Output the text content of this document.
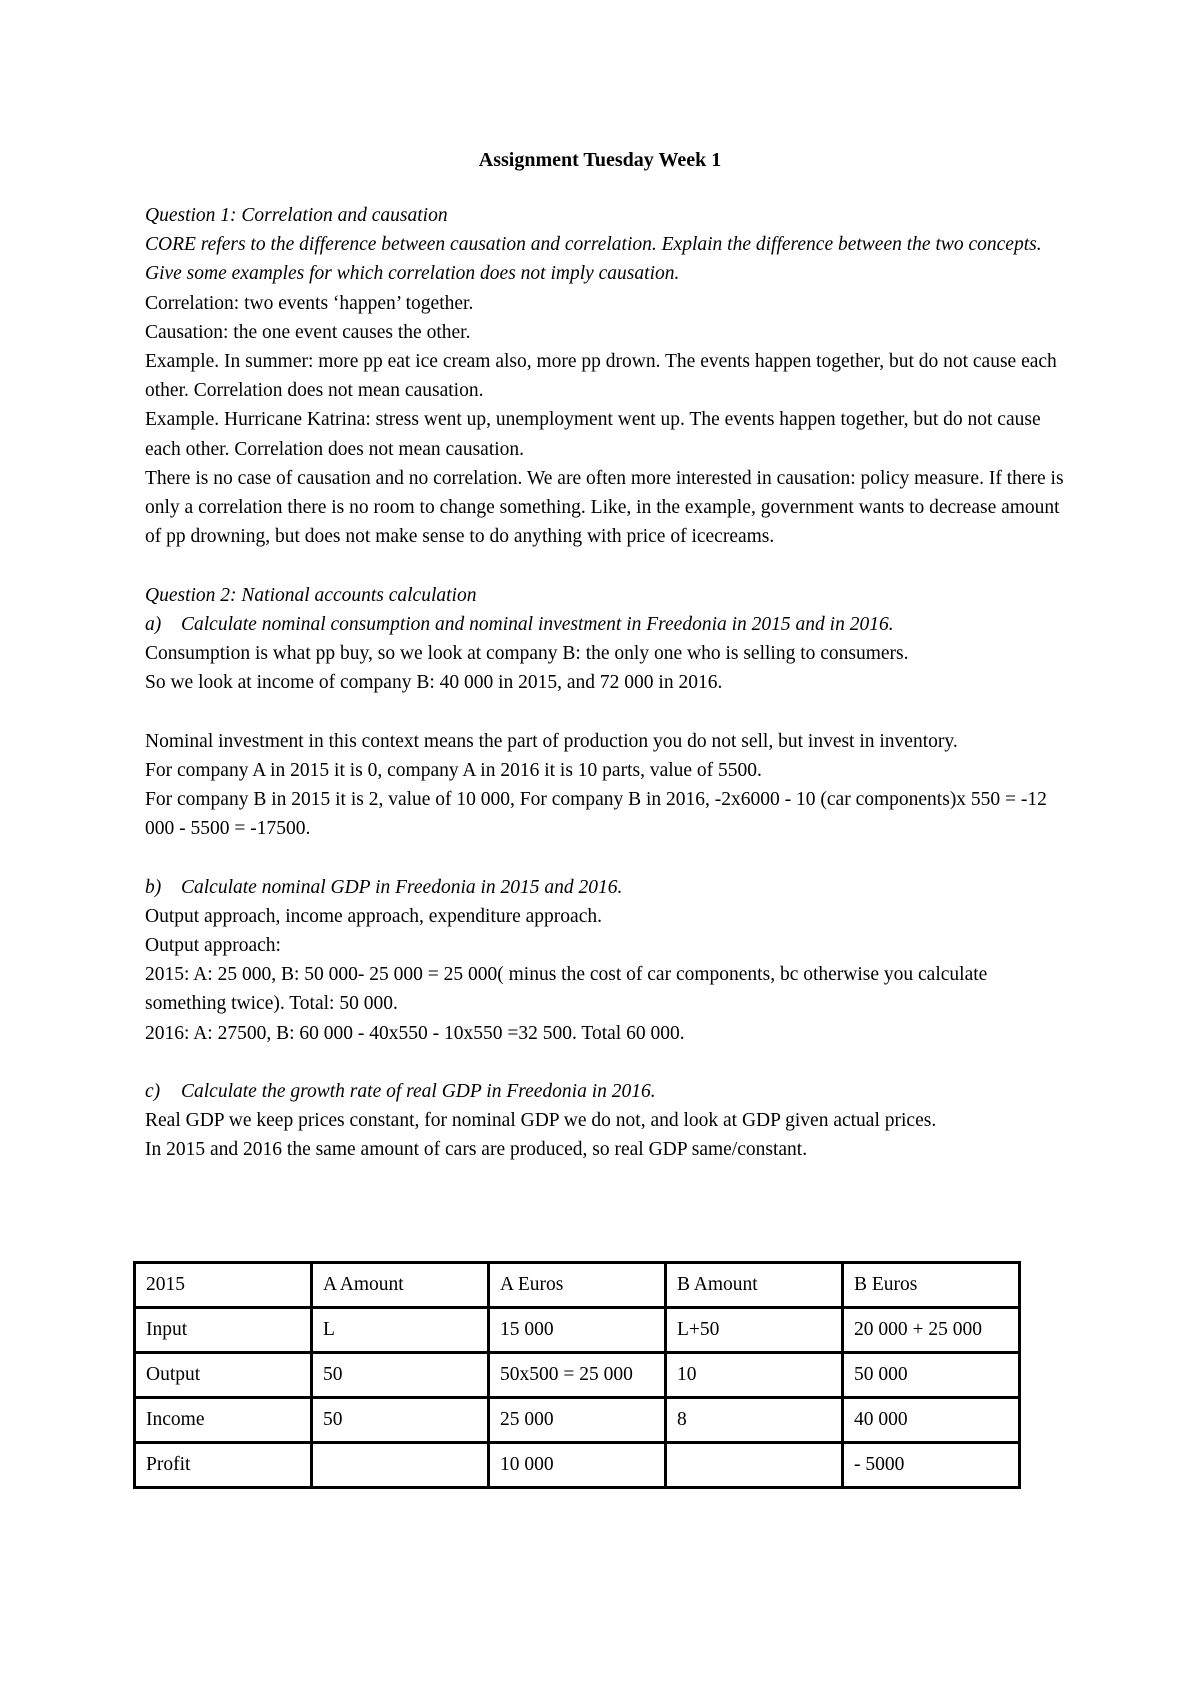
Assignment Tuesday Week 1

Question 1: Correlation and causation

CORE refers to the difference between causation and correlation. Explain the difference between the two concepts. Give some examples for which correlation does not imply causation.

Correlation: two events ‘happen’ together.

Causation: the one event causes the other.

Example. In summer: more pp eat ice cream also, more pp drown. The events happen together, but do not cause each other. Correlation does not mean causation.

Example. Hurricane Katrina: stress went up, unemployment went up. The events happen together, but do not cause each other. Correlation does not mean causation.

There is no case of causation and no correlation. We are often more interested in causation: policy measure. If there is only a correlation there is no room to change something. Like, in the example, government wants to decrease amount of pp drowning, but does not make sense to do anything with price of icecreams.

Question 2: National accounts calculation

a) Calculate nominal consumption and nominal investment in Freedonia in 2015 and in 2016.

Consumption is what pp buy, so we look at company B: the only one who is selling to consumers.

So we look at income of company B: 40 000 in 2015, and 72 000 in 2016.

Nominal investment in this context means the part of production you do not sell, but invest in inventory.

For company A in 2015 it is 0, company A in 2016 it is 10 parts, value of 5500.

For company B in 2015 it is 2, value of 10 000, For company B in 2016, -2x6000 - 10 (car components)x 550 = -12 000 - 5500 = -17500.

b) Calculate nominal GDP in Freedonia in 2015 and 2016.

Output approach, income approach, expenditure approach.

Output approach:

2015: A: 25 000, B: 50 000- 25 000 = 25 000( minus the cost of car components, bc otherwise you calculate something twice). Total: 50 000.

2016: A: 27500, B: 60 000 - 40x550 - 10x550 =32 500. Total 60 000.

c) Calculate the growth rate of real GDP in Freedonia in 2016.

Real GDP we keep prices constant, for nominal GDP we do not, and look at GDP given actual prices.

In 2015 and 2016 the same amount of cars are produced, so real GDP same/constant.

2015	A Amount	A Euros	B Amount	B Euros
Input	L	15 000	L+50	20 000 + 25 000
Output	50	50x500 = 25 000	10	50 000
Income	50	25 000	8	40 000
Profit		10 000		- 5000
